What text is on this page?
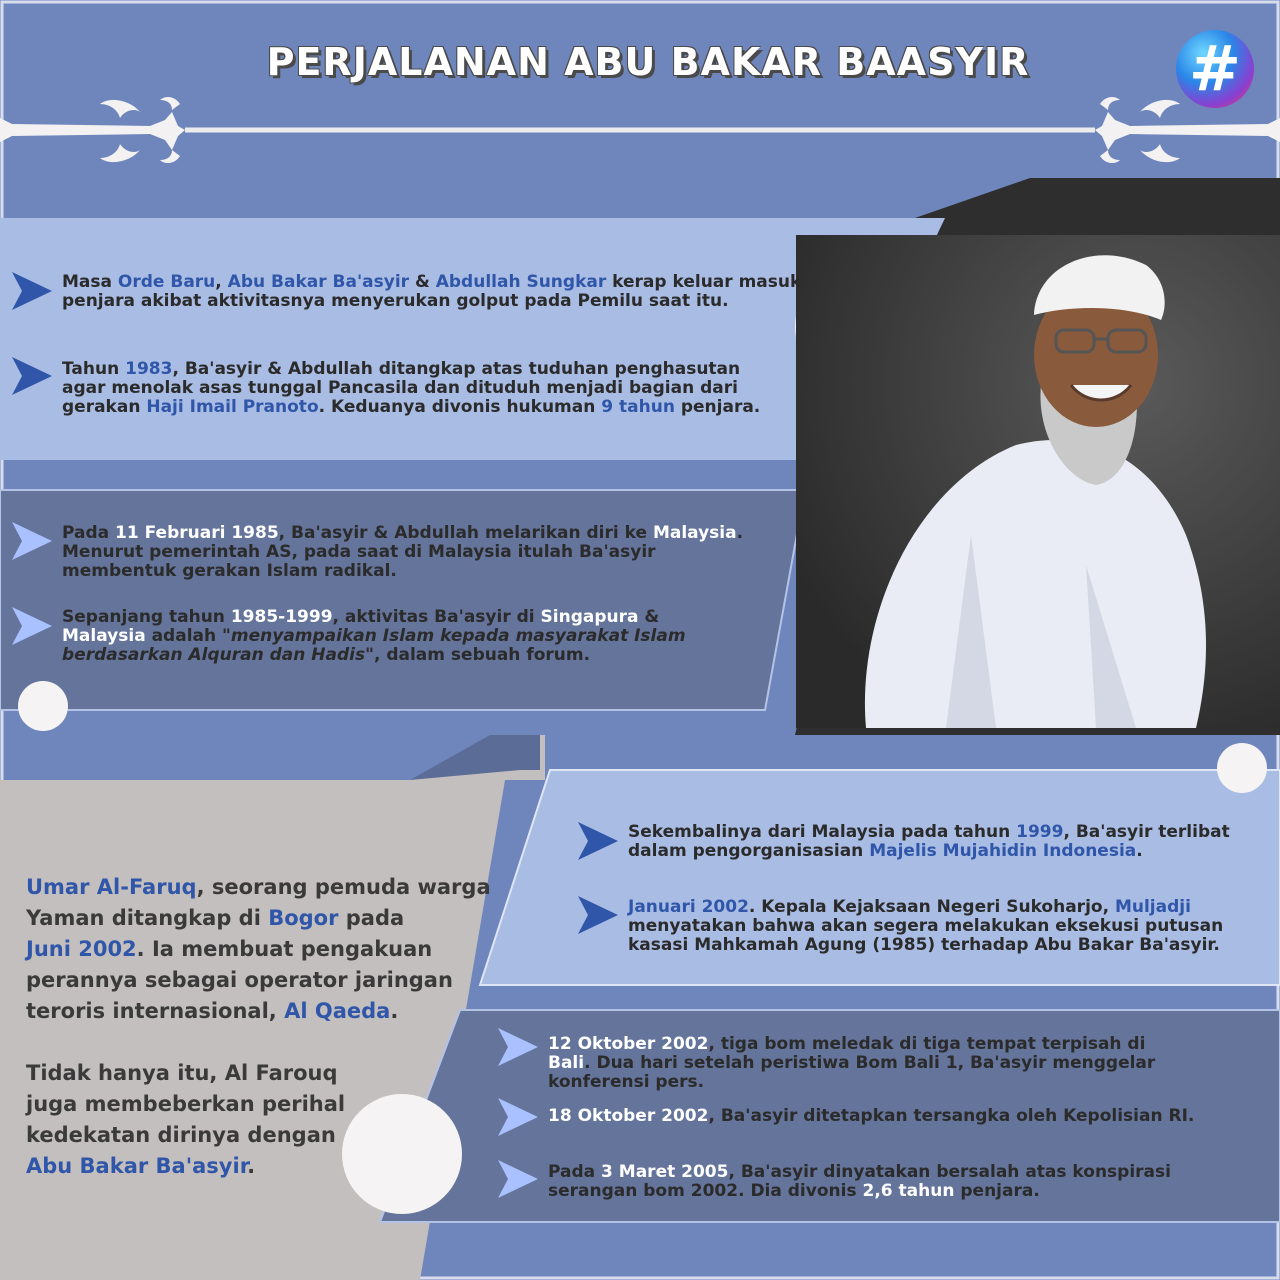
PERJALANAN ABU BAKAR BAASYIR	#
Masa Orde Baru, Abu Bakar Ba'asyir & Abdullah Sungkar kerap keluar masuk penjara akibat aktivitasnya menyerukan golput pada Pemilu saat itu.
Tahun 1983, Ba'asyir & Abdullah ditangkap atas tuduhan penghasutan agar menolak asas tunggal Pancasila dan dituduh menjadi bagian dari gerakan Haji Imail Pranoto. Keduanya divonis hukuman 9 tahun penjara.
Pada 11 Februari 1985, Ba'asyir & Abdullah melarikan diri ke Malaysia. Menurut pemerintah AS, pada saat di Malaysia itulah Ba'asyir membentuk gerakan Islam radikal.
Sepanjang tahun 1985-1999, aktivitas Ba'asyir di Singapura & Malaysia adalah "menyampaikan Islam kepada masyarakat Islam berdasarkan Alquran dan Hadis", dalam sebuah forum.
Sekembalinya dari Malaysia pada tahun 1999, Ba'asyir terlibat dalam pengorganisasian Majelis Mujahidin Indonesia.
Januari 2002. Kepala Kejaksaan Negeri Sukoharjo, Muljadji menyatakan bahwa akan segera melakukan eksekusi putusan kasasi Mahkamah Agung (1985) terhadap Abu Bakar Ba'asyir.
12 Oktober 2002, tiga bom meledak di tiga tempat terpisah di Bali. Dua hari setelah peristiwa Bom Bali 1, Ba'asyir menggelar konferensi pers.
18 Oktober 2002, Ba'asyir ditetapkan tersangka oleh Kepolisian RI.
Pada 3 Maret 2005, Ba'asyir dinyatakan bersalah atas konspirasi serangan bom 2002. Dia divonis 2,6 tahun penjara.

Umar Al-Faruq, seorang pemuda warga Yaman ditangkap di Bogor pada
Juni 2002. Ia membuat pengakuan perannya sebagai operator jaringan teroris internasional, Al Qaeda.

Tidak hanya itu, Al Farouq juga membeberkan perihal kedekatan dirinya dengan
Abu Bakar Ba'asyir.
